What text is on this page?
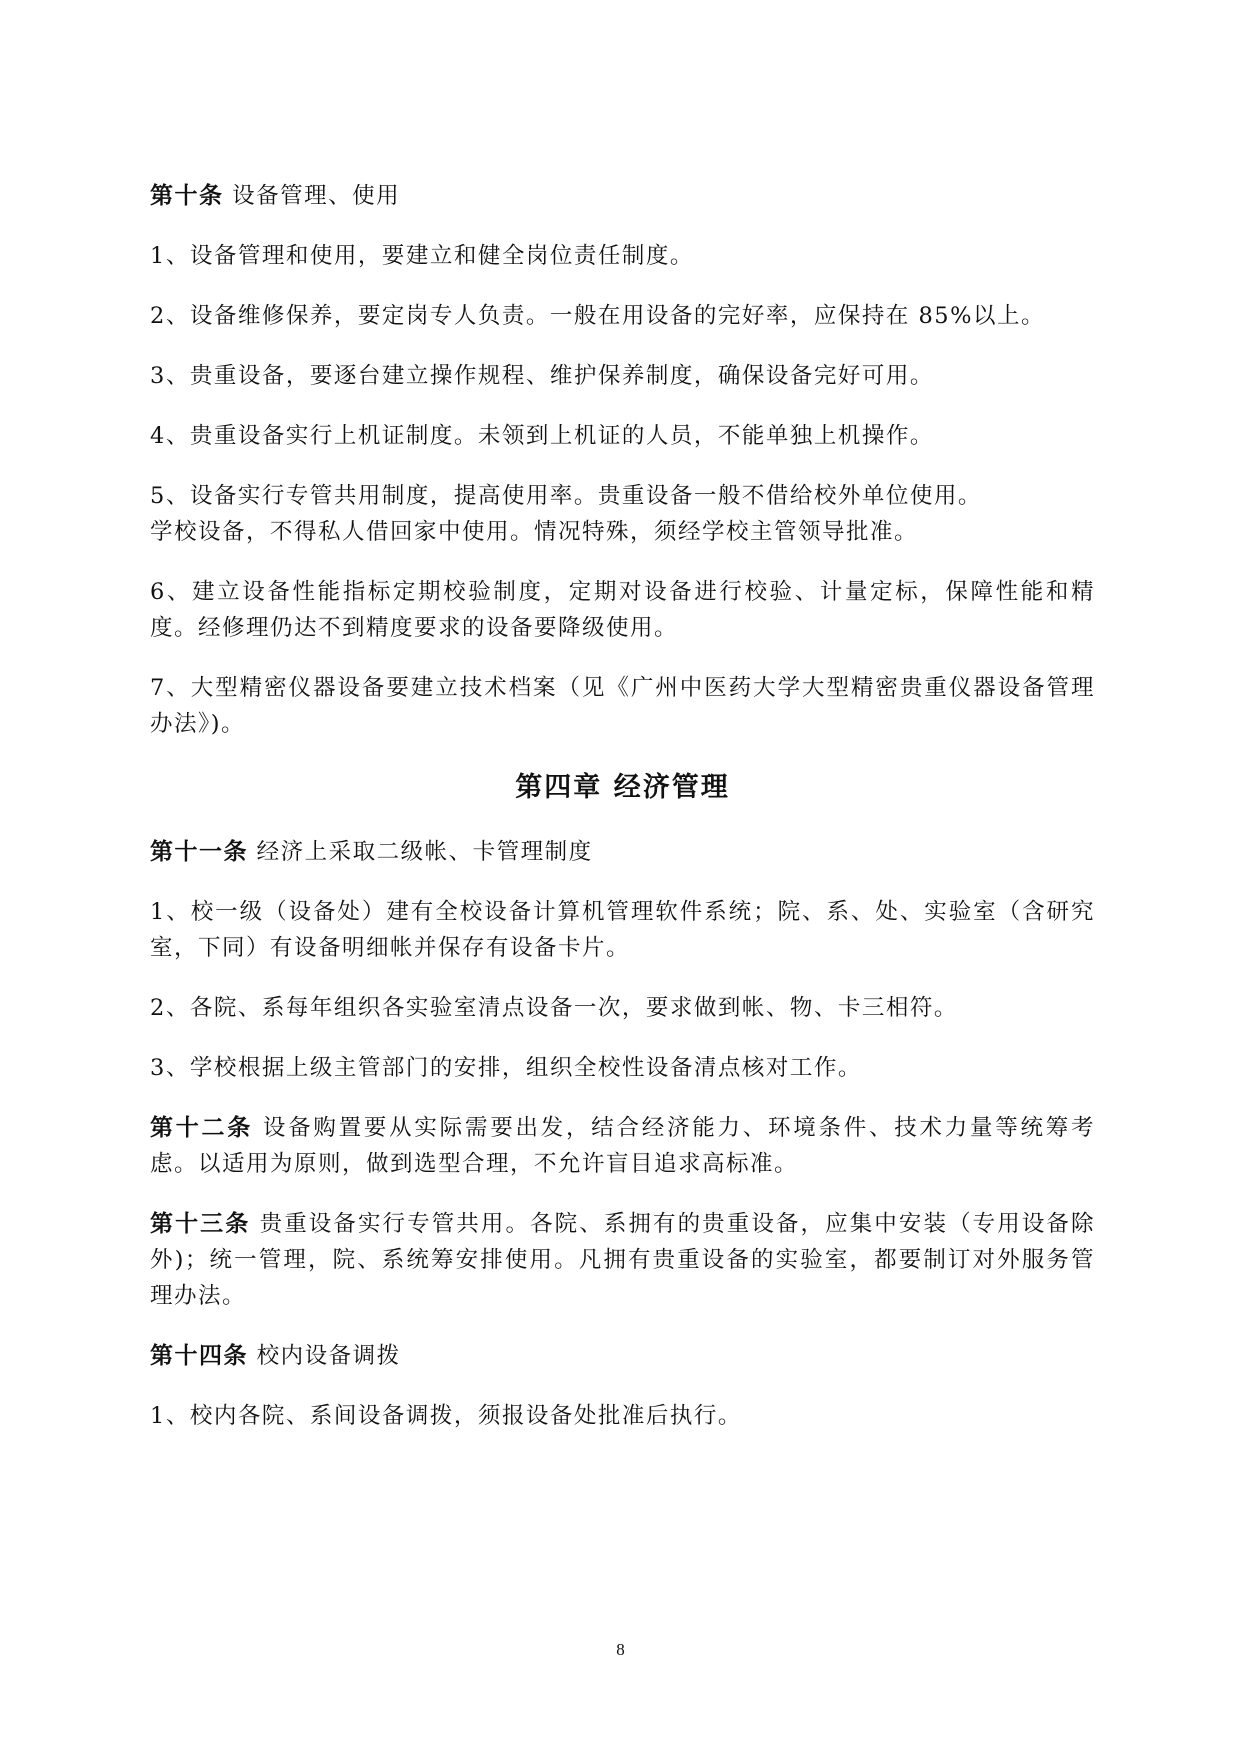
第十条 设备管理、使用

1、设备管理和使用，要建立和健全岗位责任制度。

2、设备维修保养，要定岗专人负责。一般在用设备的完好率，应保持在 85%以上。

3、贵重设备，要逐台建立操作规程、维护保养制度，确保设备完好可用。

4、贵重设备实行上机证制度。未领到上机证的人员，不能单独上机操作。

5、设备实行专管共用制度，提高使用率。贵重设备一般不借给校外单位使用。

学校设备，不得私人借回家中使用。情况特殊，须经学校主管领导批准。

6、建立设备性能指标定期校验制度，定期对设备进行校验、计量定标，保障性能和精度。经修理仍达不到精度要求的设备要降级使用。

7、大型精密仪器设备要建立技术档案（见《广州中医药大学大型精密贵重仪器设备管理办法》)。

第四章 经济管理

第十一条 经济上采取二级帐、卡管理制度

1、校一级（设备处）建有全校设备计算机管理软件系统；院、系、处、实验室（含研究室，下同）有设备明细帐并保存有设备卡片。

2、各院、系每年组织各实验室清点设备一次，要求做到帐、物、卡三相符。

3、学校根据上级主管部门的安排，组织全校性设备清点核对工作。

第十二条 设备购置要从实际需要出发，结合经济能力、环境条件、技术力量等统筹考虑。以适用为原则，做到选型合理，不允许盲目追求高标准。

第十三条 贵重设备实行专管共用。各院、系拥有的贵重设备，应集中安装（专用设备除外)；统一管理，院、系统筹安排使用。凡拥有贵重设备的实验室，都要制订对外服务管理办法。

第十四条 校内设备调拨

1、校内各院、系间设备调拨，须报设备处批准后执行。

8
